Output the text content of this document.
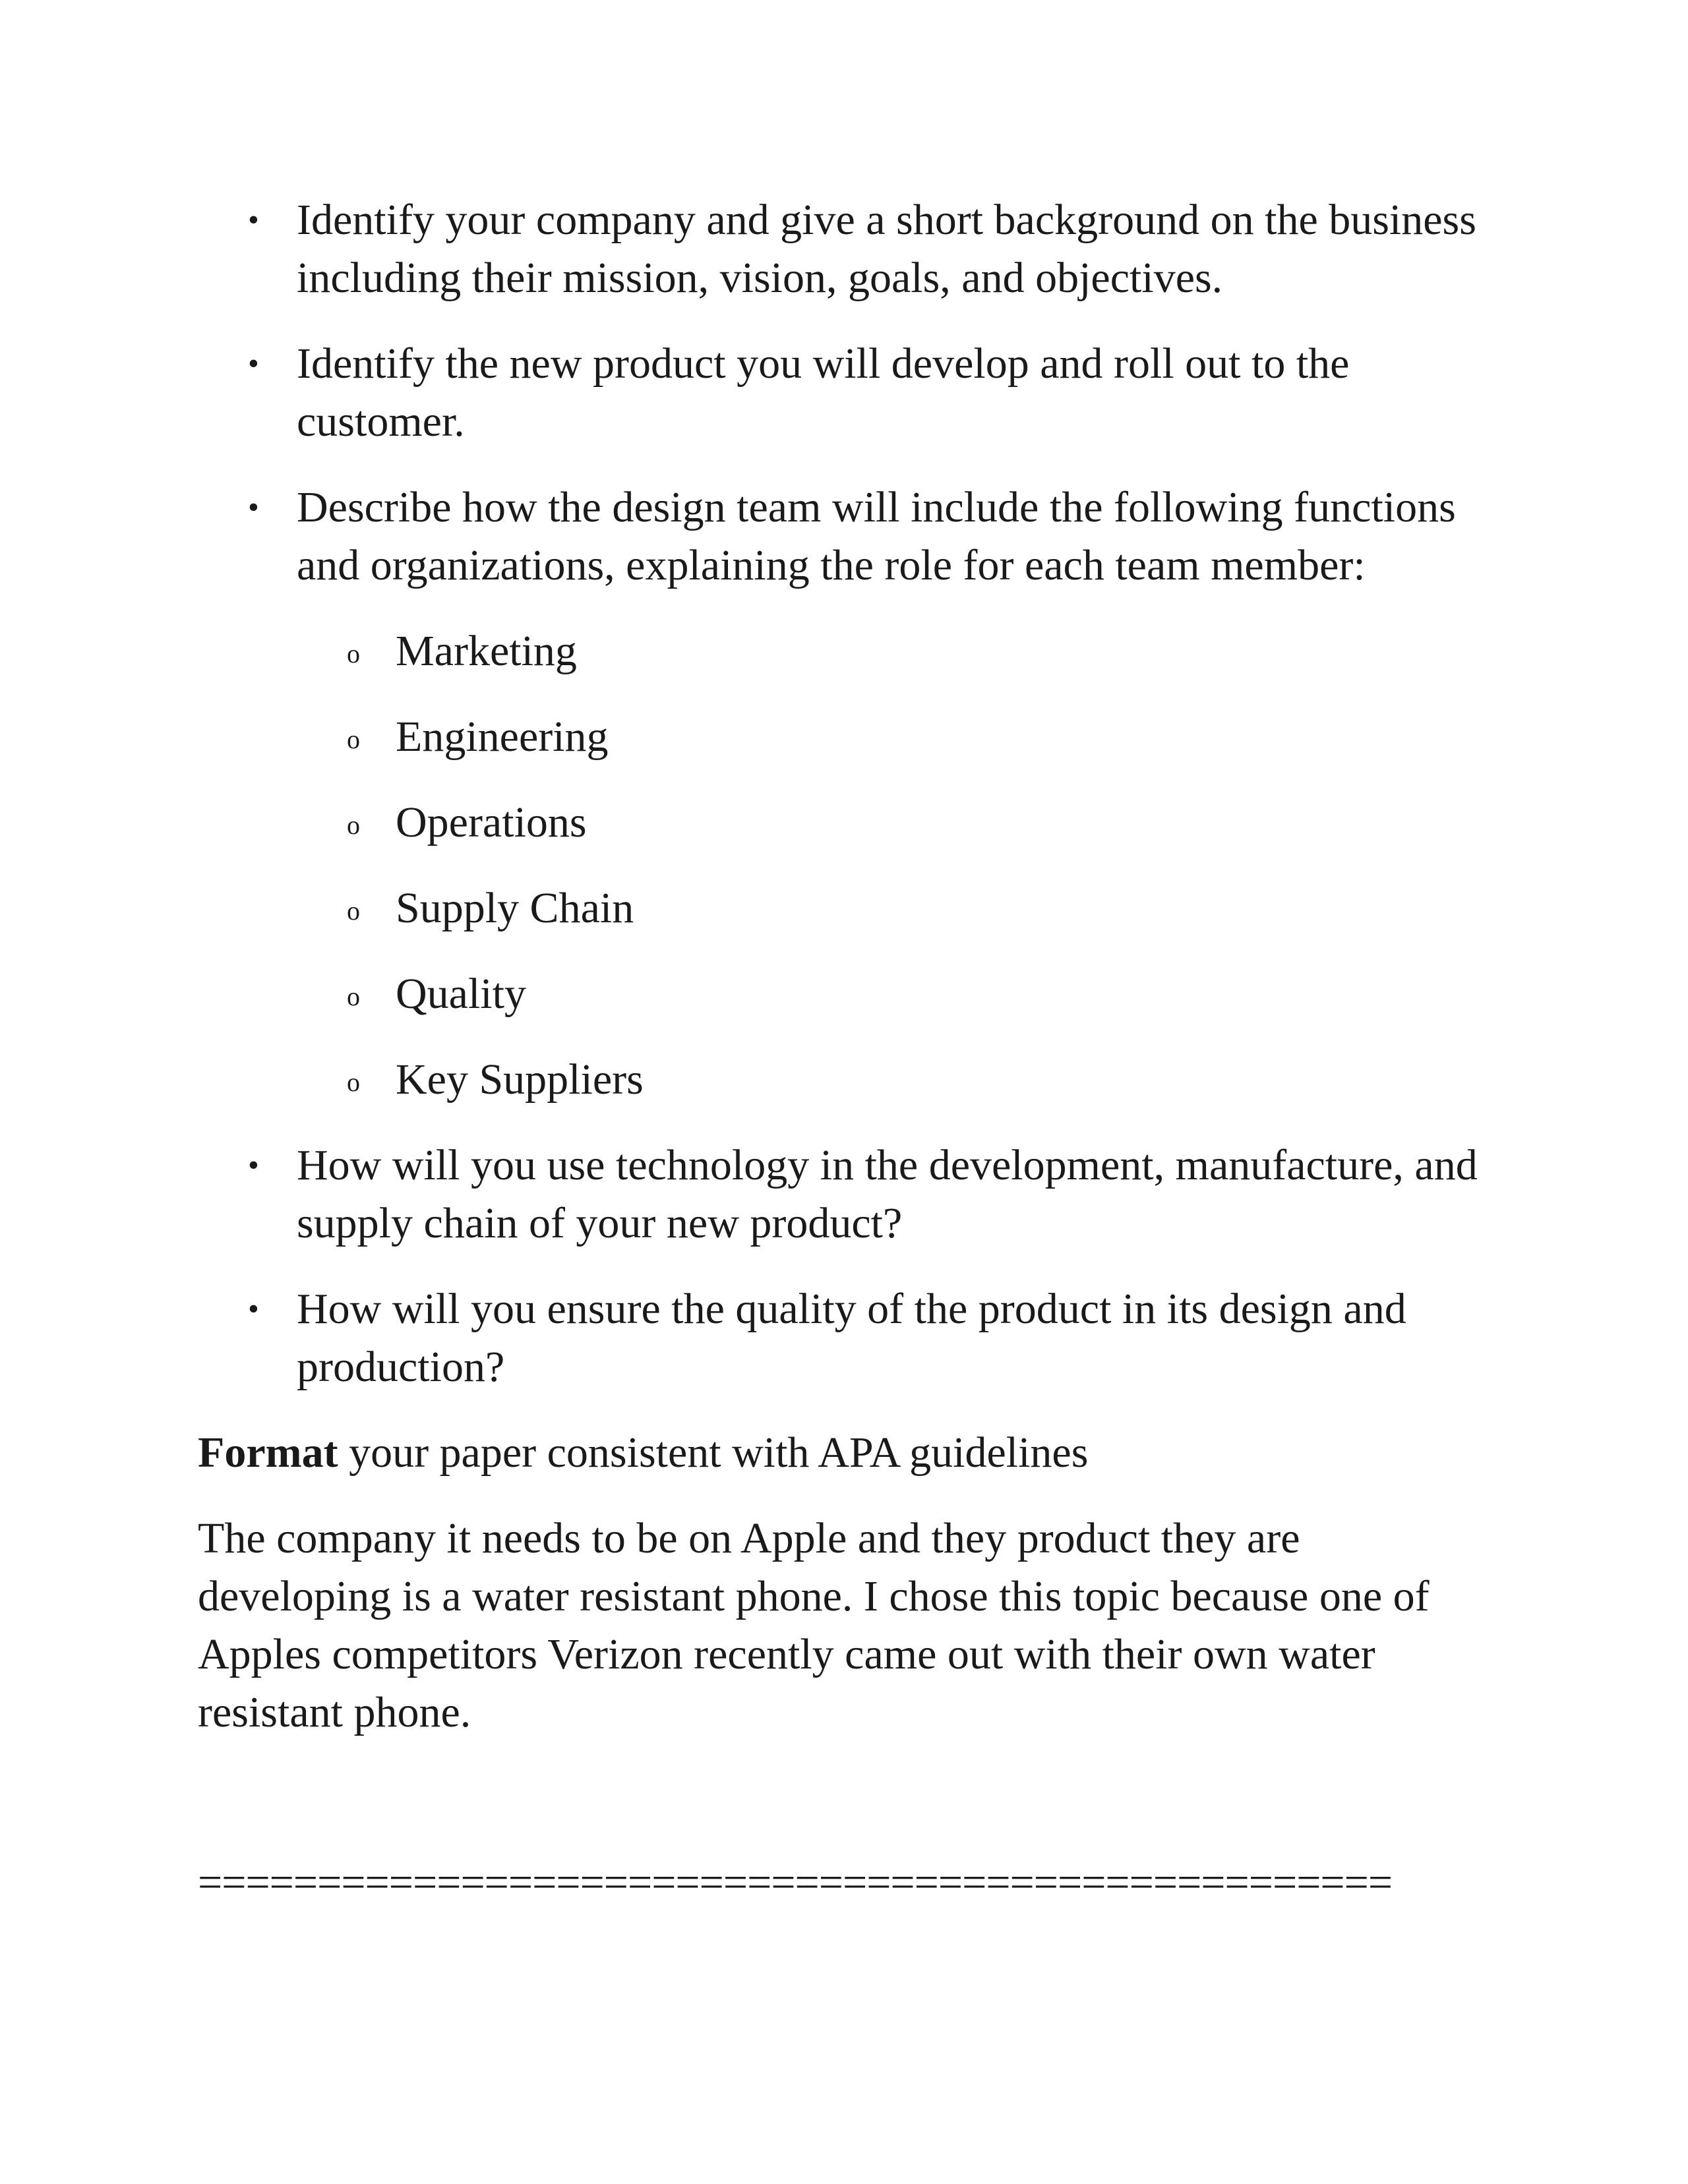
• Identify your company and give a short background on the business including their mission, vision, goals, and objectives.
• Identify the new product you will develop and roll out to the customer.
• Describe how the design team will include the following functions and organizations, explaining the role for each team member:
o Marketing
o Engineering
o Operations
o Supply Chain
o Quality
o Key Suppliers
• How will you use technology in the development, manufacture, and supply chain of your new product?
• How will you ensure the quality of the product in its design and production?

Format your paper consistent with APA guidelines

The company it needs to be on Apple and they product they are developing is a water resistant phone. I chose this topic because one of Apples competitors Verizon recently came out with their own water resistant phone.

==================================================
